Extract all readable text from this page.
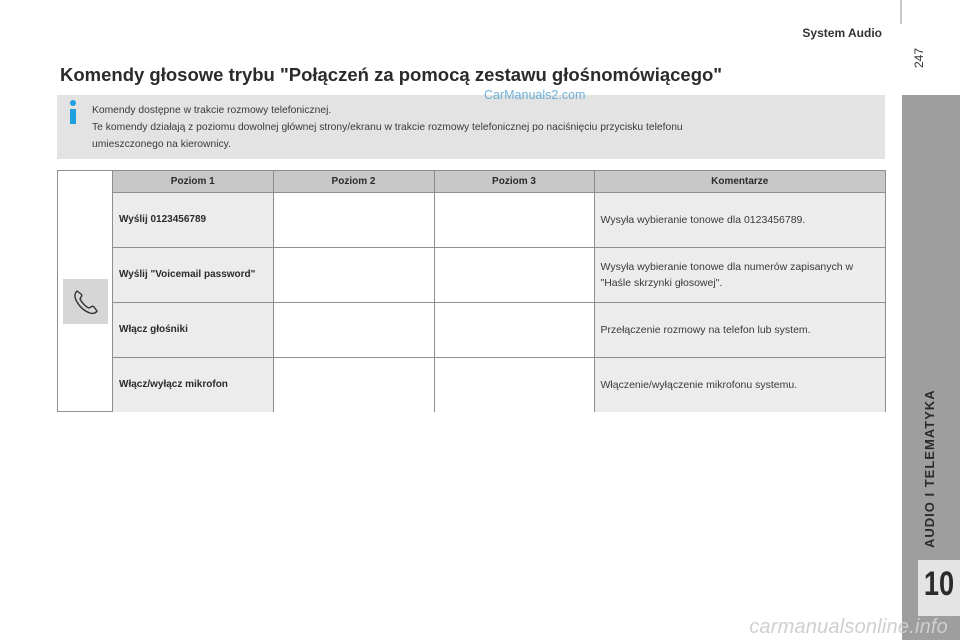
System Audio
247
AUDIO I TELEMATYKA
10
Komendy głosowe trybu "Połączeń za pomocą zestawu głośnomówiącego"
CarManuals2.com

Komendy dostępne w trakcie rozmowy telefonicznej.

Te komendy działają z poziomu dowolnej głównej strony/ekranu w trakcie rozmowy telefonicznej po naciśnięciu przycisku telefonu

umieszczonego na kierownicy.

Poziom 1	Poziom 2	Poziom 3	Komentarze
Wyślij 0123456789			Wysyła wybieranie tonowe dla 0123456789.
Wyślij "Voicemail password"			Wysyła wybieranie tonowe dla numerów zapisanych w "Haśle skrzynki głosowej".
Włącz głośniki			Przełączenie rozmowy na telefon lub system.
Włącz/wyłącz mikrofon			Włączenie/wyłączenie mikrofonu systemu.
carmanualsonline.info
